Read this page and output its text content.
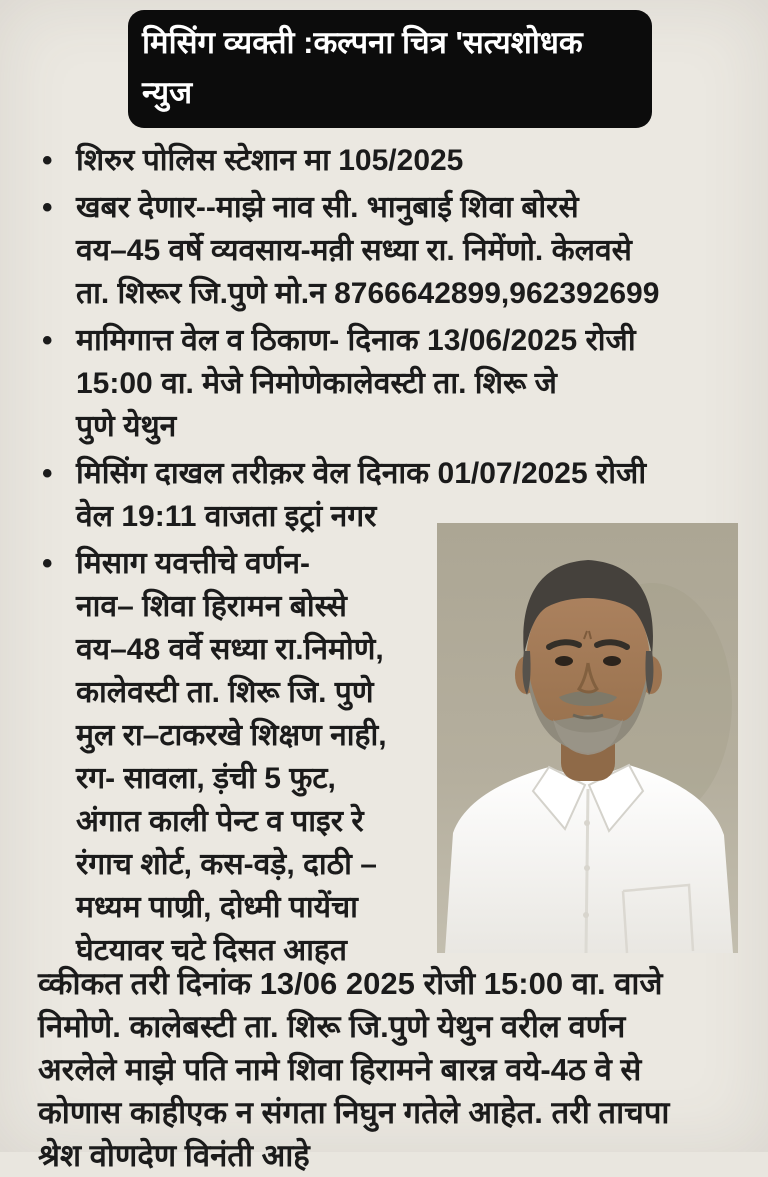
मिसिंग व्यक्ती :कल्पना चित्र 'सत्यशोधक
न्युज
•
शिरुर पोलिस स्टेशान मा 105/2025
•
खबर देणार--माझे नाव सी. भानुबाई शिवा बोरसे
वय–45 वर्षे व्यवसाय-मव़ी सध्या रा. निमेंणो. केलवसे
ता. शिरूर जि.पुणे मो.न 8766642899,962392699
•
मामिगात्त वेल व ठिकाण- दिनाक 13/06/2025 रोजी
15:00 वा. मेजे निमोणेकालेवस्टी ता. शिरू जे
पुणे येथुन
•
मिसिंग दाखल तरीक़र वेल दिनाक 01/07/2025 रोजी
वेल 19:11 वाजता इट्रां नगर
•
मिसाग यवत्तीचे वर्णन-
नाव– शिवा हिरामन बोस्से
वय–48 वर्वे सध्या रा.निमोणे,
कालेवस्टी ता. शिरू जि. पुणे
मुल रा–टाकरखे शिक्षण नाही,
रग- सावला, ड़ंची 5 फुट,
अंगात काली पेन्ट व पाइर रे
रंगाच शोर्ट, कस-वड़े, दाठी –
मध्यम पाण्री, दोध्मी पायेंचा
घेटयावर चटे दिसत आहत
व्कीकत तरी दिनांक 13/06 2025 रोजी 15:00 वा. वाजे
निमोणे. कालेबस्टी ता. शिरू जि.पुणे येथुन वरील वर्णन
अरलेले माझे पति नामे शिवा हिरामने बारन्न वये-4ठ वे से
कोणास काहीएक न संगता निघुन गतेले आहेत. तरी ताचपा
श्रेश वोणदेण विनंती आहे
